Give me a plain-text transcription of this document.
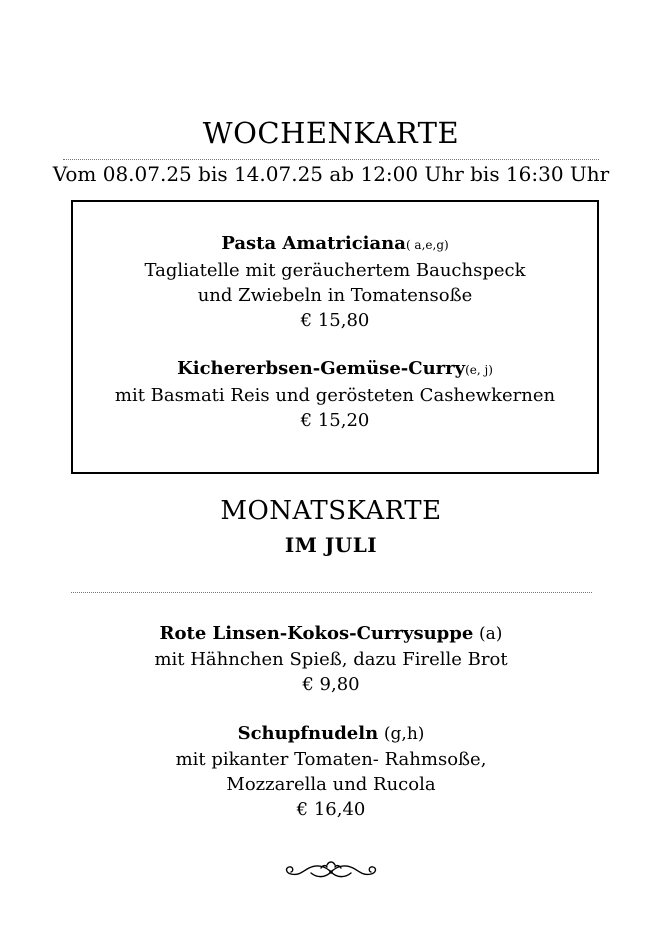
WOCHENKARTE
Vom 08.07.25 bis 14.07.25 ab 12:00 Uhr bis 16:30 Uhr
Pasta Amatriciana( a,e,g)
Tagliatelle mit geräuchertem Bauchspeck
und Zwiebeln in Tomatensoße
€ 15,80
Kichererbsen-Gemüse-Curry(e, j)
mit Basmati Reis und gerösteten Cashewkernen
€ 15,20
MONATSKARTE
IM JULI
Rote Linsen-Kokos-Currysuppe (a)
mit Hähnchen Spieß, dazu Firelle Brot
€ 9,80
Schupfnudeln (g,h)
mit pikanter Tomaten- Rahmsoße,
Mozzarella und Rucola
€ 16,40
